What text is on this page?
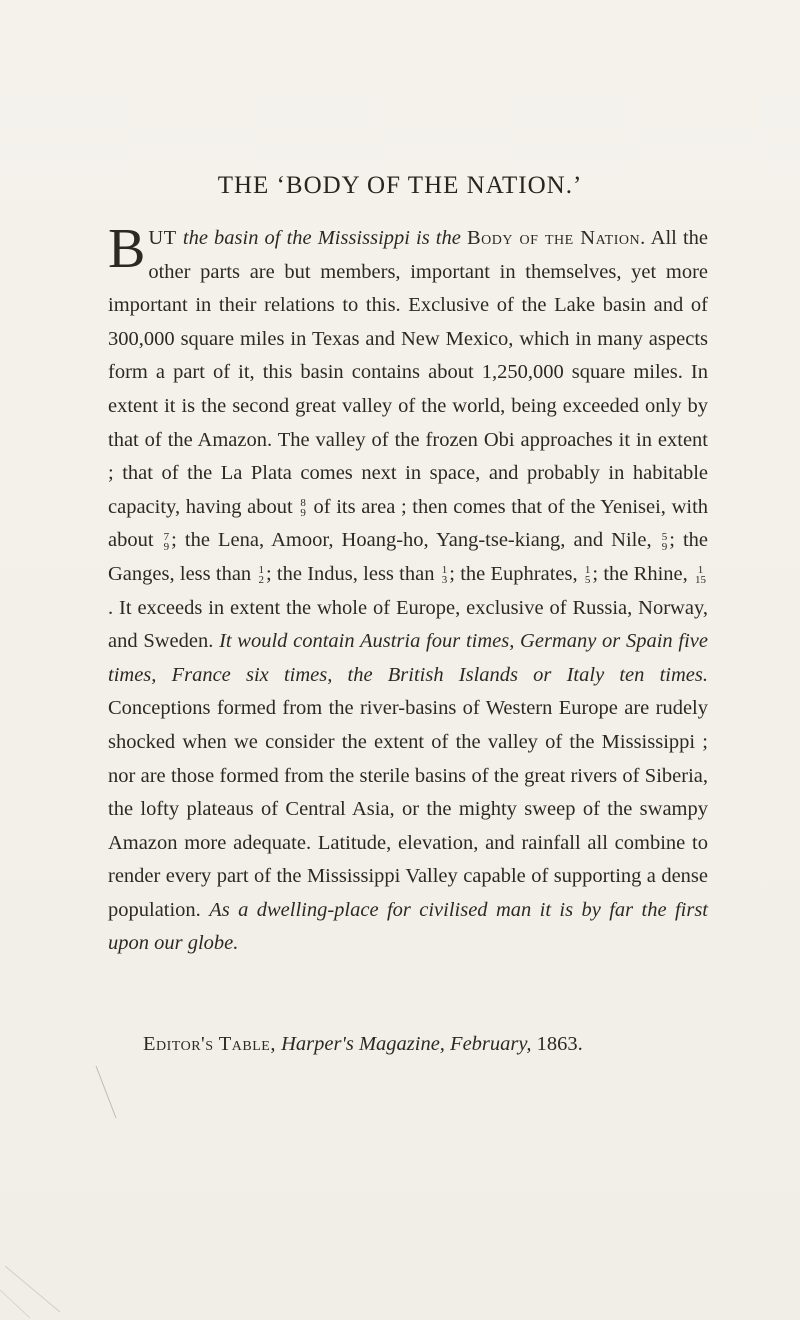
THE ‘BODY OF THE NATION.’

BUT the basin of the Mississippi is the Body of the Nation. All the other parts are but members, important in themselves, yet more important in their relations to this. Exclusive of the Lake basin and of 300,000 square miles in Texas and New Mexico, which in many aspects form a part of it, this basin contains about 1,250,000 square miles. In extent it is the second great valley of the world, being exceeded only by that of the Amazon. The valley of the frozen Obi approaches it in extent ; that of the La Plata comes next in space, and probably in habitable capacity, having about 8
9 of its area ; then comes that of the Yenisei, with about 7
9 ; the Lena, Amoor, Hoang-ho, Yang-tse-kiang, and Nile, 5
9 ; the Ganges, less than 1
2 ; the Indus, less than 1
3 ; the Euphrates, 1
5 ; the Rhine, 1
15
. It exceeds in extent the whole of Europe, exclusive of Russia, Norway, and Sweden. It would contain Austria four times, Germany or Spain five times, France six times, the British Islands or Italy ten times. Conceptions formed from the river-basins of Western Europe are rudely shocked when we consider the extent of the valley of the Mississippi ; nor are those formed from the sterile basins of the great rivers of Siberia, the lofty plateaus of Central Asia, or the mighty sweep of the swampy Amazon more adequate. Latitude, elevation, and rainfall all combine to render every part of the Mississippi Valley capable of supporting a dense population. As a dwelling-place for civilised man it is by far the first upon our globe.

Editor's Table, Harper's Magazine, February, 1863.
